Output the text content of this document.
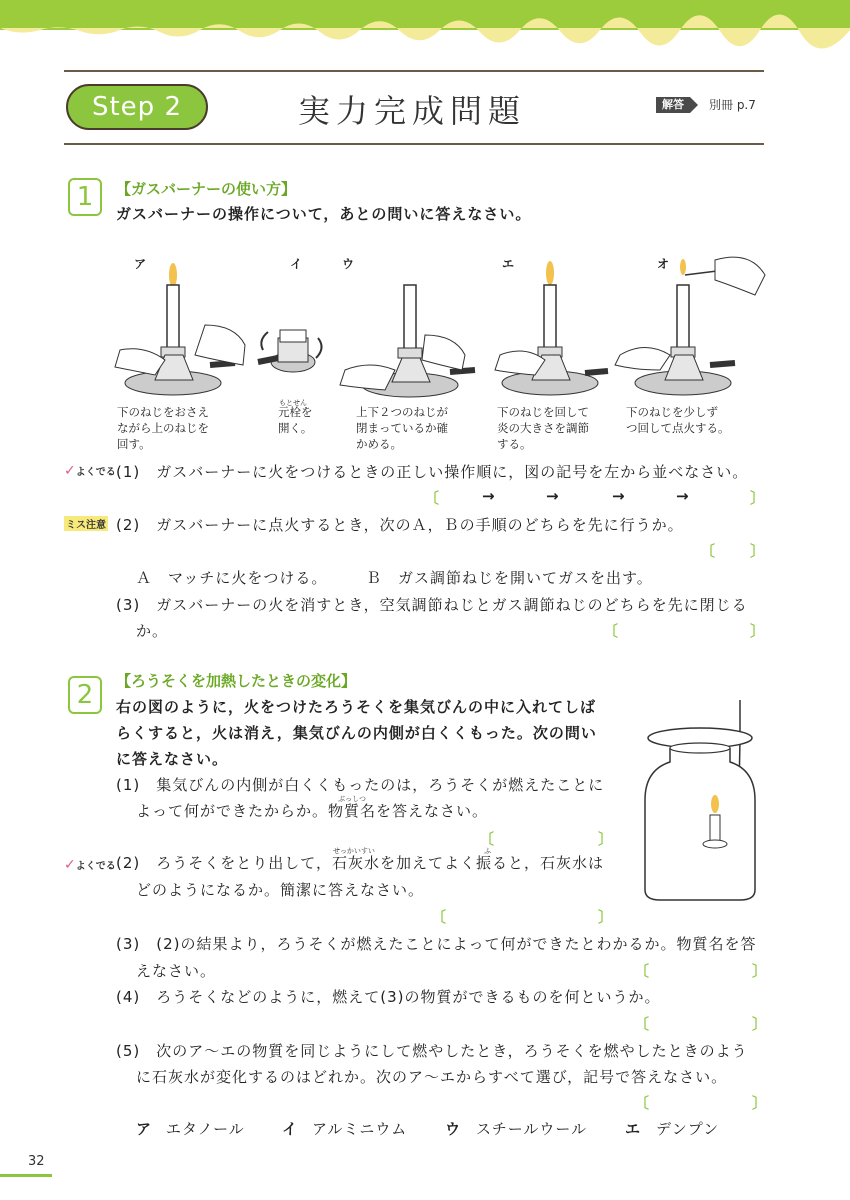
Step 2	実力完成問題	解答	別冊 p.7
1	【ガスバーナーの使い方】
ガスバーナーの操作について，あとの問いに答えなさい。
ア	イ	ウ	エ	オ
下のねじをおさえ
ながら上のねじを
回す。
もとせん
元栓を
開く。
上下２つのねじが
閉まっているか確
かめる。
下のねじを回して
炎の大きさを調節
する。
下のねじを少しず
つ回して点火する。
✓よくでる (1)　ガスバーナーに火をつけるときの正しい操作順に，図の記号を左から並べなさい。
〔	→	→	→	→	〕
ミス注意 (2)　ガスバーナーに点火するとき，次のＡ，Ｂの手順のどちらを先に行うか。
〔 〕
Ａ　マッチに火をつける。	Ｂ　ガス調節ねじを開いてガスを出す。
(3)　ガスバーナーの火を消すとき，空気調節ねじとガス調節ねじのどちらを先に閉じる
か。	〔	〕
2	【ろうそくを加熱したときの変化】
右の図のように，火をつけたろうそくを集気びんの中に入れてしば
らくすると，火は消え，集気びんの内側が白くくもった。次の問い
に答えなさい。
(1)　集気びんの内側が白くくもったのは，ろうそくが燃えたことに
ぶっしつ
よって何ができたからか。物質名を答えなさい。
〔	〕
✓よくでる
せっかいすい	ふ
(2)　ろうそくをとり出して，石灰水を加えてよく振ると，石灰水は
どのようになるか。簡潔に答えなさい。
〔	〕
(3)　(2)の結果より，ろうそくが燃えたことによって何ができたとわかるか。物質名を答
えなさい。	〔	〕
(4)　ろうそくなどのように，燃えて(3)の物質ができるものを何というか。
〔	〕
(5)　次のア～エの物質を同じようにして燃やしたとき，ろうそくを燃やしたときのよう
に石灰水が変化するのはどれか。次のア～エからすべて選び，記号で答えなさい。
〔	〕
ア エタノール イ アルミニウム	ウ スチールウール	エ デンプン
32
